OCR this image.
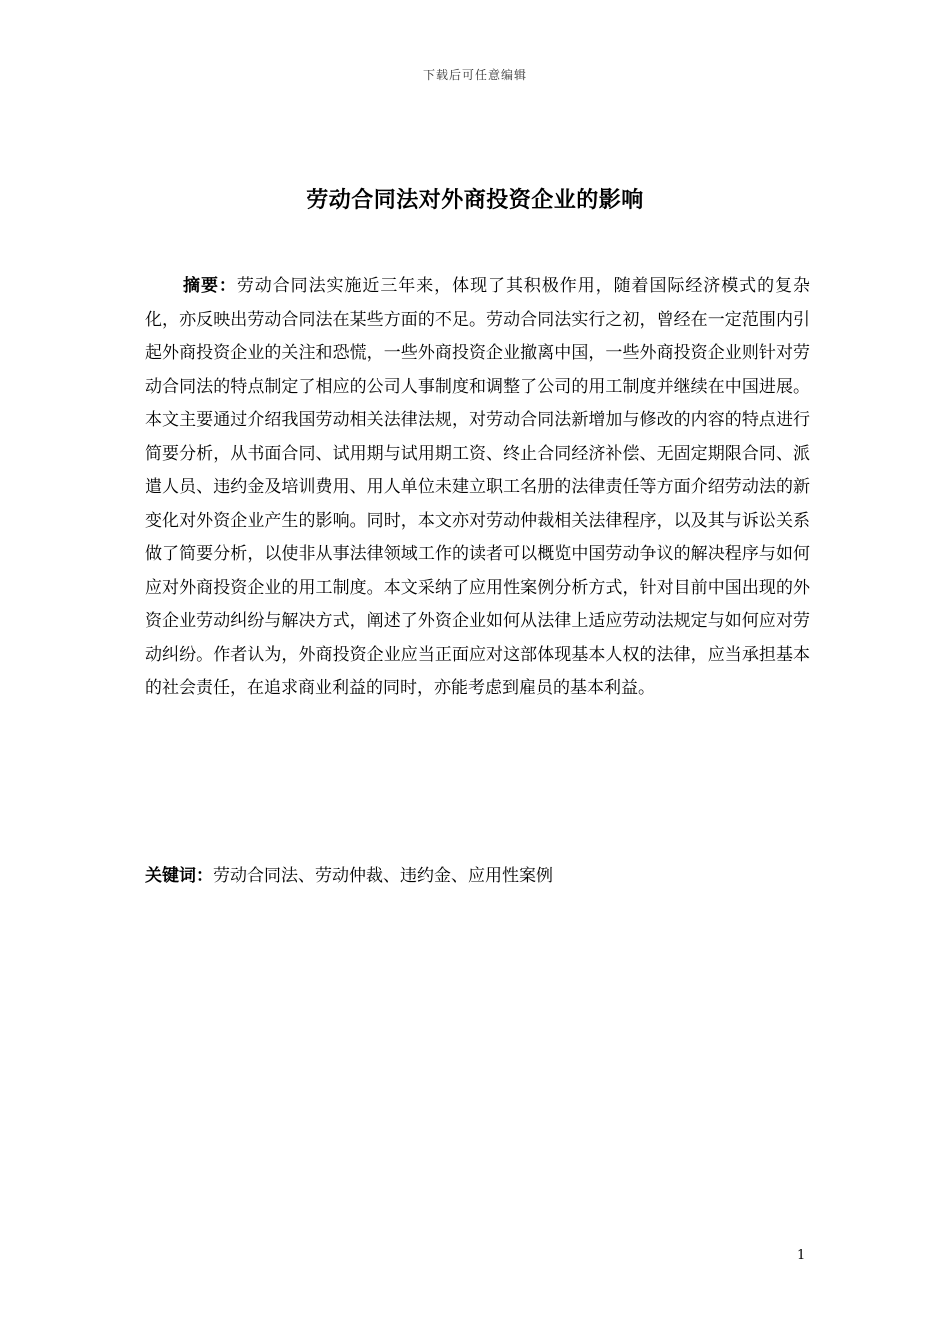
下载后可任意编辑
劳动合同法对外商投资企业的影响

摘要：劳动合同法实施近三年来，体现了其积极作用，随着国际经济模式的复杂化，亦反映出劳动合同法在某些方面的不足。劳动合同法实行之初，曾经在一定范围内引起外商投资企业的关注和恐慌，一些外商投资企业撤离中国，一些外商投资企业则针对劳动合同法的特点制定了相应的公司人事制度和调整了公司的用工制度并继续在中国进展。本文主要通过介绍我国劳动相关法律法规，对劳动合同法新增加与修改的内容的特点进行简要分析，从书面合同、试用期与试用期工资、终止合同经济补偿、无固定期限合同、派遣人员、违约金及培训费用、用人单位未建立职工名册的法律责任等方面介绍劳动法的新变化对外资企业产生的影响。同时，本文亦对劳动仲裁相关法律程序，以及其与诉讼关系做了简要分析，以使非从事法律领域工作的读者可以概览中国劳动争议的解决程序与如何应对外商投资企业的用工制度。本文采纳了应用性案例分析方式，针对目前中国出现的外资企业劳动纠纷与解决方式，阐述了外资企业如何从法律上适应劳动法规定与如何应对劳动纠纷。作者认为，外商投资企业应当正面应对这部体现基本人权的法律，应当承担基本的社会责任，在追求商业利益的同时，亦能考虑到雇员的基本利益。

关键词：劳动合同法、劳动仲裁、违约金、应用性案例

1
